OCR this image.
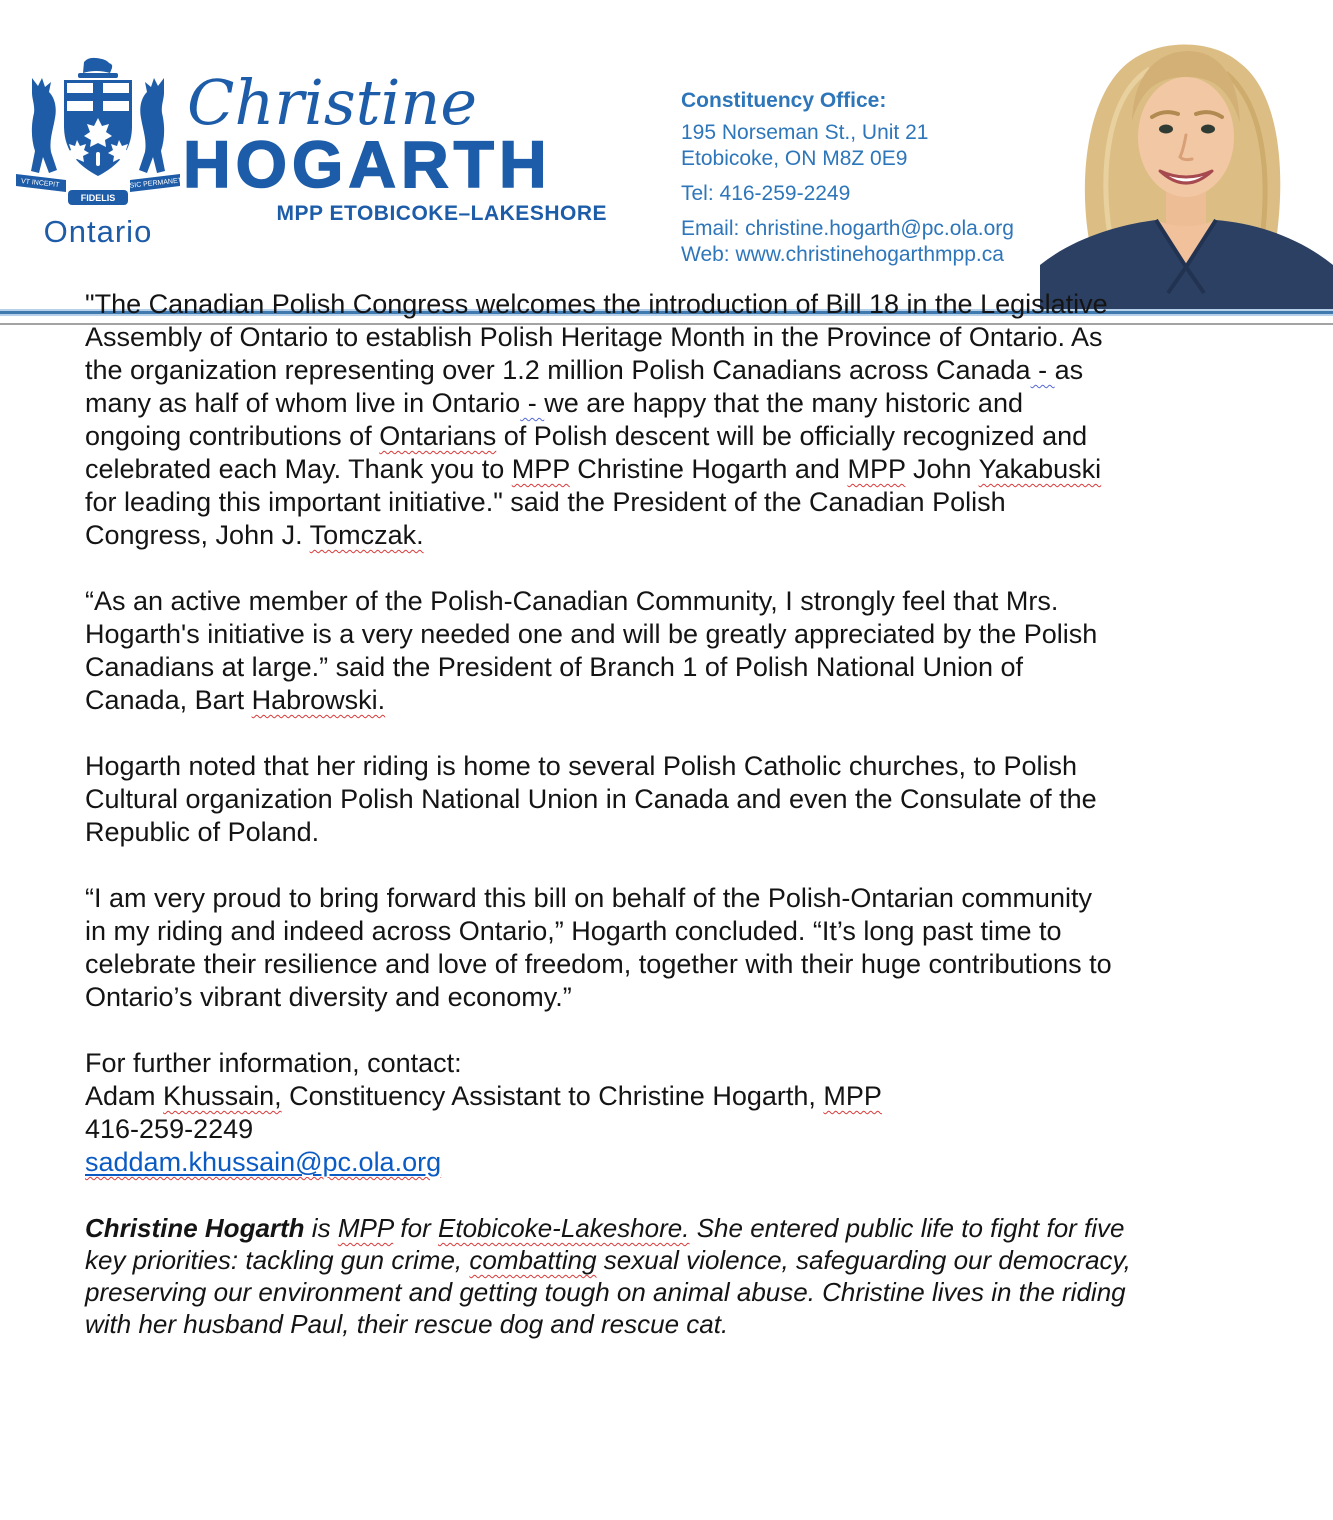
VT INCEPIT	SIC PERMANET
FIDELIS
Ontario
Christine
HOGARTH
MPP ETOBICOKE–LAKESHORE
Constituency Office:
195 Norseman St., Unit 21
Etobicoke, ON M8Z 0E9
Tel: 416-259-2249
Email: christine.hogarth@pc.ola.org
Web: www.christinehogarthmpp.ca
"The Canadian Polish Congress welcomes the introduction of Bill 18 in the Legislative
Assembly of Ontario to establish Polish Heritage Month in the Province of Ontario. As
the organization representing over 1.2 million Polish Canadians across Canada - as
many as half of whom live in Ontario - we are happy that the many historic and
ongoing contributions of Ontarians of Polish descent will be officially recognized and
celebrated each May. Thank you to MPP Christine Hogarth and MPP John Yakabuski
for leading this important initiative." said the President of the Canadian Polish
Congress, John J. Tomczak.
“As an active member of the Polish-Canadian Community, I strongly feel that Mrs.
Hogarth's initiative is a very needed one and will be greatly appreciated by the Polish
Canadians at large.” said the President of Branch 1 of Polish National Union of
Canada, Bart Habrowski.
Hogarth noted that her riding is home to several Polish Catholic churches, to Polish
Cultural organization Polish National Union in Canada and even the Consulate of the
Republic of Poland.
“I am very proud to bring forward this bill on behalf of the Polish-Ontarian community
in my riding and indeed across Ontario,” Hogarth concluded. “It’s long past time to
celebrate their resilience and love of freedom, together with their huge contributions to
Ontario’s vibrant diversity and economy.”
For further information, contact:
Adam Khussain, Constituency Assistant to Christine Hogarth, MPP
416-259-2249
saddam.khussain@pc.ola.org
Christine Hogarth is MPP for Etobicoke-Lakeshore. She entered public life to fight for five
key priorities: tackling gun crime, combatting sexual violence, safeguarding our democracy,
preserving our environment and getting tough on animal abuse. Christine lives in the riding
with her husband Paul, their rescue dog and rescue cat.
